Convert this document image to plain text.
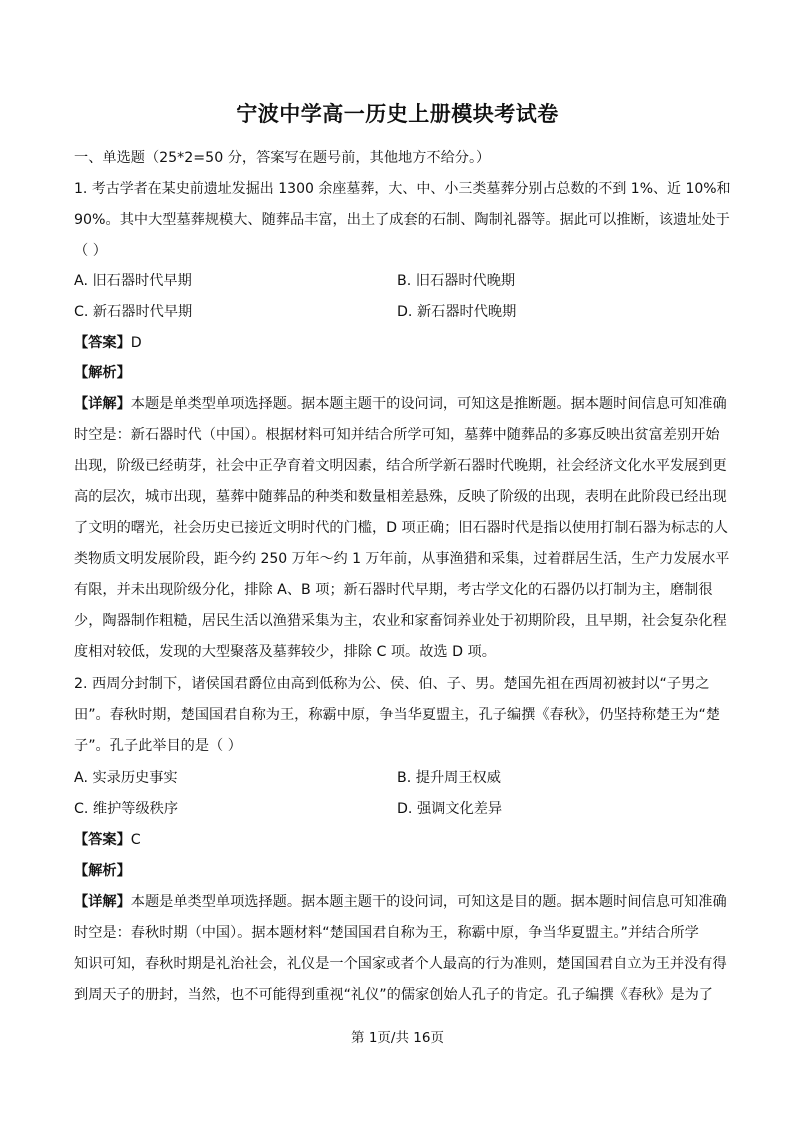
宁波中学高一历史上册模块考试卷
一、单选题（25*2=50 分，答案写在题号前，其他地方不给分。）
1. 考古学者在某史前遗址发掘出 1300 余座墓葬，大、中、小三类墓葬分别占总数的不到 1%、近 10%和
90%。其中大型墓葬规模大、随葬品丰富，出土了成套的石制、陶制礼器等。据此可以推断，该遗址处于
（ ）
A. 旧石器时代早期	B. 旧石器时代晚期
C. 新石器时代早期	D. 新石器时代晚期
【答案】D
【解析】
【详解】本题是单类型单项选择题。据本题主题干的设问词，可知这是推断题。据本题时间信息可知准确
时空是：新石器时代（中国）。根据材料可知并结合所学可知，墓葬中随葬品的多寡反映出贫富差别开始
出现，阶级已经萌芽，社会中正孕育着文明因素，结合所学新石器时代晚期，社会经济文化水平发展到更
高的层次，城市出现，墓葬中随葬品的种类和数量相差悬殊，反映了阶级的出现，表明在此阶段已经出现
了文明的曙光，社会历史已接近文明时代的门槛，D 项正确；旧石器时代是指以使用打制石器为标志的人
类物质文明发展阶段，距今约 250 万年～约 1 万年前，从事渔猎和采集，过着群居生活，生产力发展水平
有限，并未出现阶级分化，排除 A、B 项；新石器时代早期，考古学文化的石器仍以打制为主，磨制很
少，陶器制作粗糙，居民生活以渔猎采集为主，农业和家畜饲养业处于初期阶段，且早期，社会复杂化程
度相对较低，发现的大型聚落及墓葬较少，排除 C 项。故选 D 项。
2. 西周分封制下，诸侯国君爵位由高到低称为公、侯、伯、子、男。楚国先祖在西周初被封以“子男之
田”。春秋时期，楚国国君自称为王，称霸中原，争当华夏盟主，孔子编撰《春秋》，仍坚持称楚王为“楚
子”。孔子此举目的是（ ）
A. 实录历史事实	B. 提升周王权威
C. 维护等级秩序	D. 强调文化差异
【答案】C
【解析】
【详解】本题是单类型单项选择题。据本题主题干的设问词，可知这是目的题。据本题时间信息可知准确
时空是：春秋时期（中国）。据本题材料“楚国国君自称为王，称霸中原，争当华夏盟主。”并结合所学
知识可知，春秋时期是礼治社会，礼仪是一个国家或者个人最高的行为准则，楚国国君自立为王并没有得
到周天子的册封，当然，也不可能得到重视“礼仪”的儒家创始人孔子的肯定。孔子编撰《春秋》是为了
第 1页/共 16页
